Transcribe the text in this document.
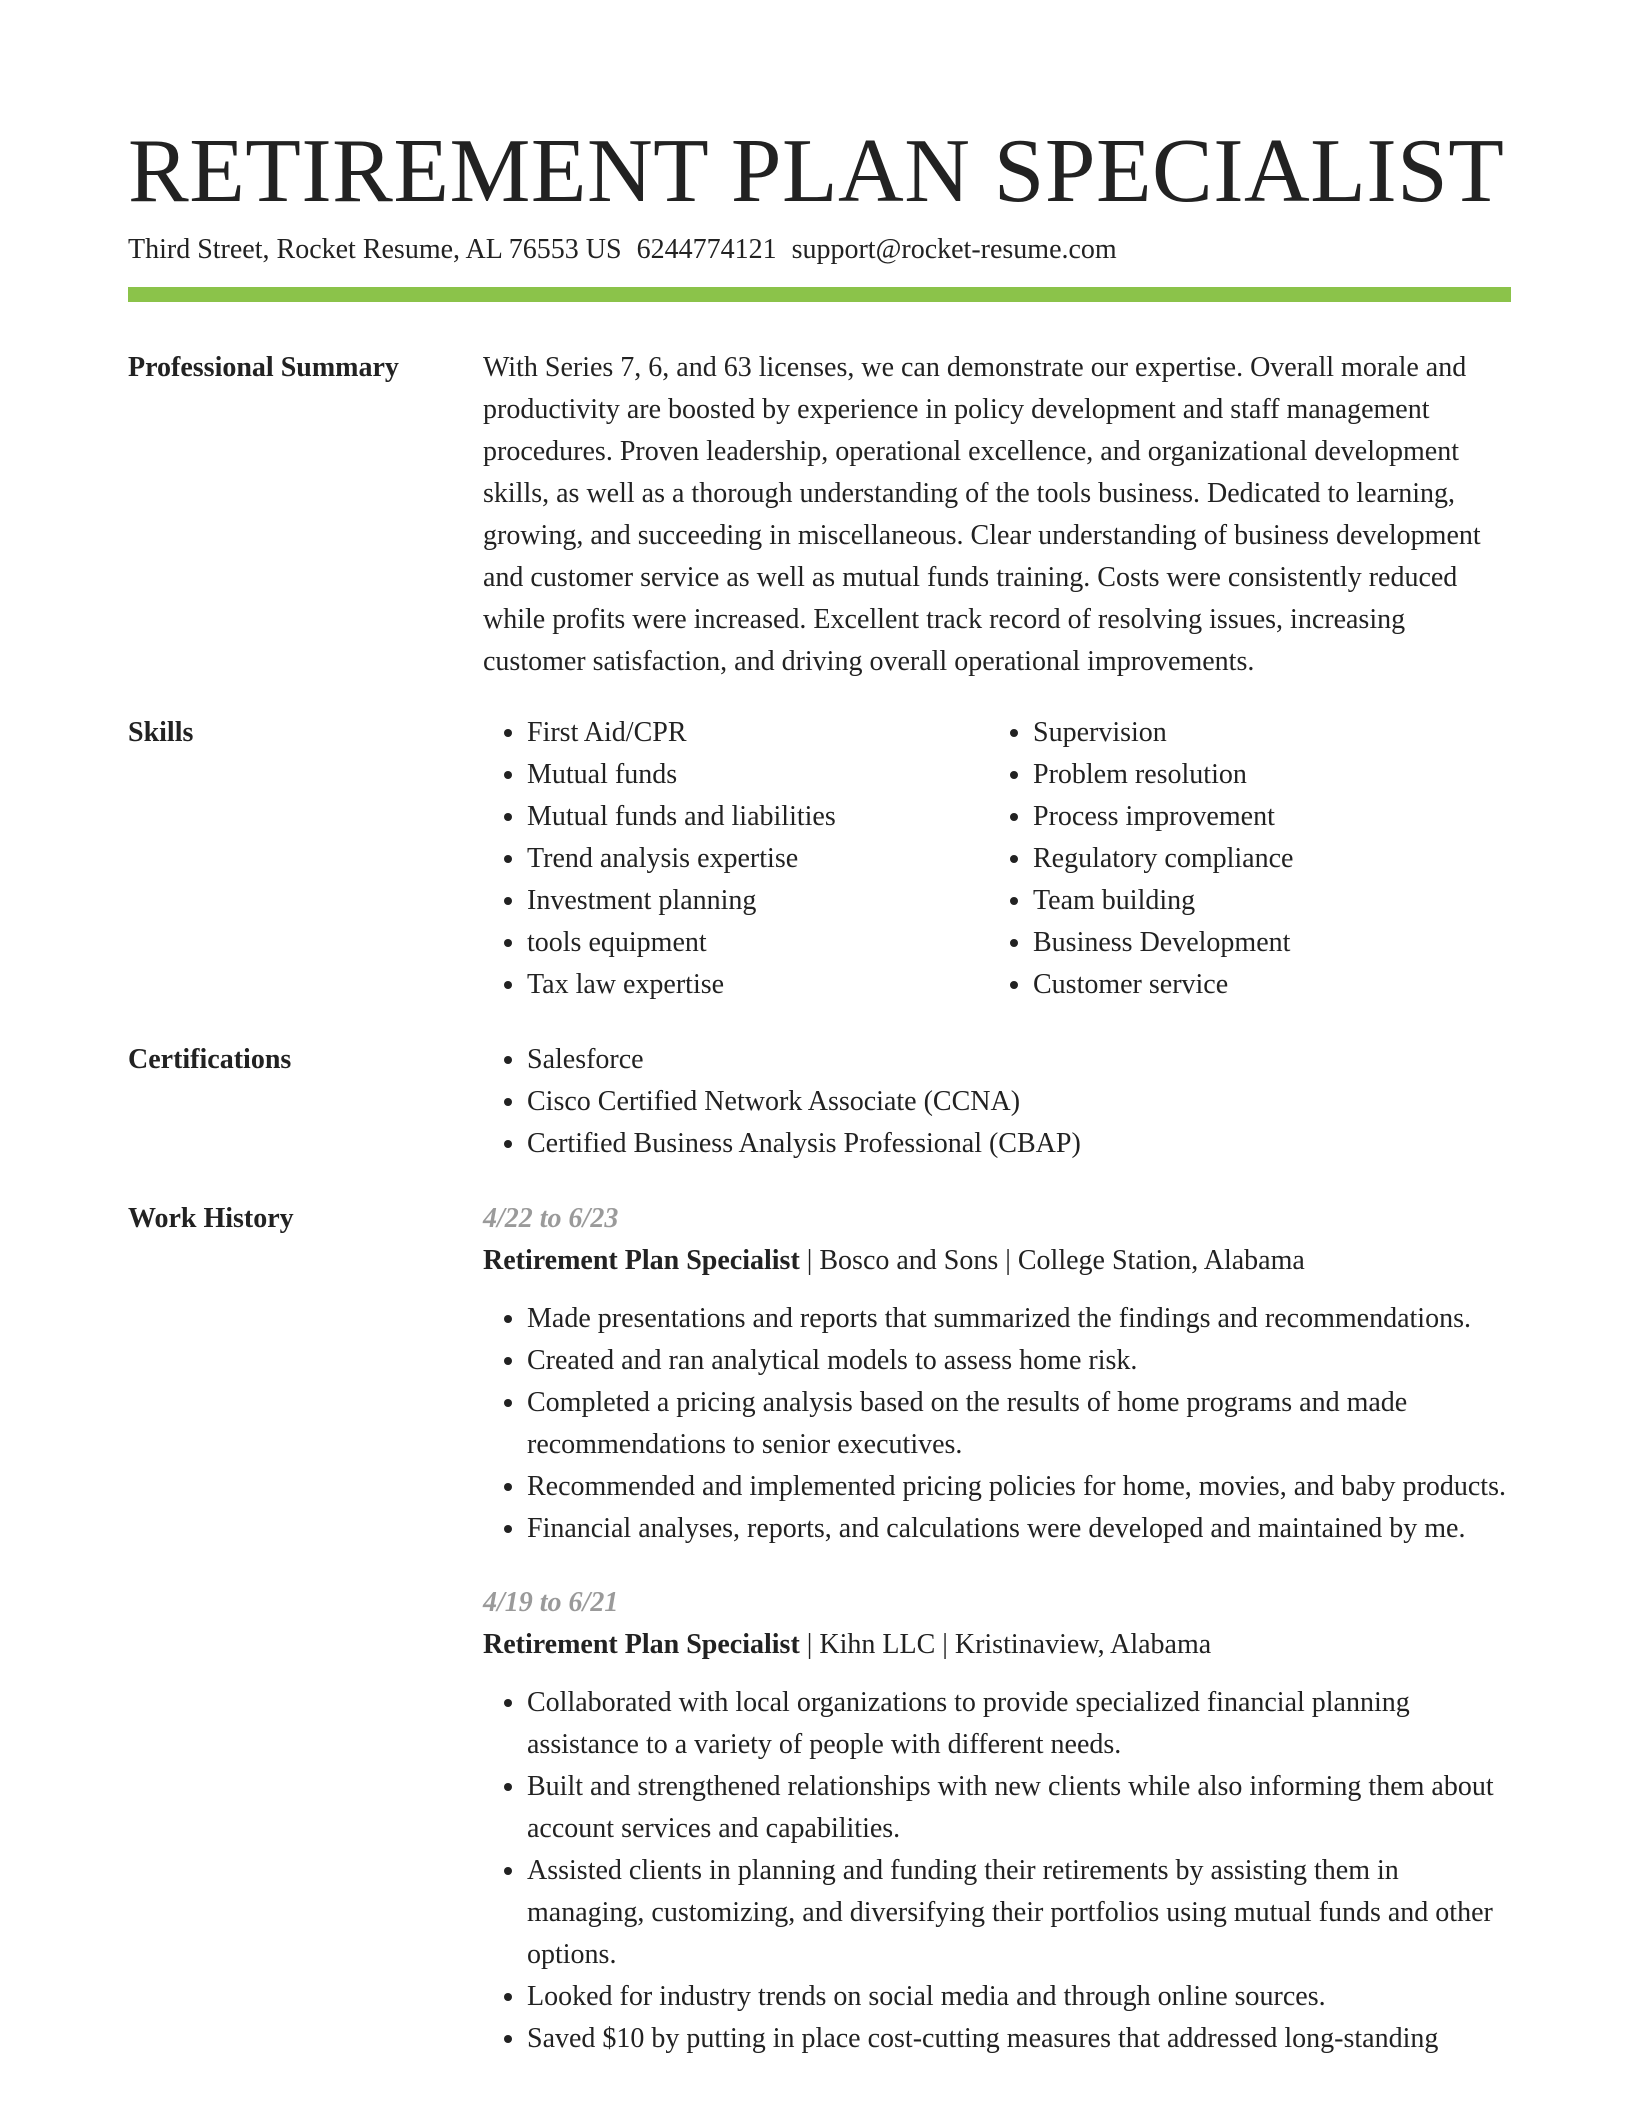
RETIREMENT PLAN SPECIALIST
Third Street, Rocket Resume, AL 76553 US 6244774121 support@rocket-resume.com
Professional Summary	With Series 7, 6, and 63 licenses, we can demonstrate our expertise. Overall morale and productivity are boosted by experience in policy development and staff management procedures. Proven leadership, operational excellence, and organizational development skills, as well as a thorough understanding of the tools business. Dedicated to learning, growing, and succeeding in miscellaneous. Clear understanding of business development and customer service as well as mutual funds training. Costs were consistently reduced while profits were increased. Excellent track record of resolving issues, increasing customer satisfaction, and driving overall operational improvements.

Skills	• First Aid/CPR
• Mutual funds
• Mutual funds and liabilities
• Trend analysis expertise
• Investment planning
• tools equipment
• Tax law expertise
• Supervision
• Problem resolution
• Process improvement
• Regulatory compliance
• Team building
• Business Development
• Customer service
Certifications	• Salesforce
• Cisco Certified Network Associate (CCNA)
• Certified Business Analysis Professional (CBAP)
Work History	4/22 to 6/23
Retirement Plan Specialist | Bosco and Sons | College Station, Alabama
• Made presentations and reports that summarized the findings and recommendations.
• Created and ran analytical models to assess home risk.
• Completed a pricing analysis based on the results of home programs and made recommendations to senior executives.
• Recommended and implemented pricing policies for home, movies, and baby products.
• Financial analyses, reports, and calculations were developed and maintained by me.
4/19 to 6/21
Retirement Plan Specialist | Kihn LLC | Kristinaview, Alabama
• Collaborated with local organizations to provide specialized financial planning assistance to a variety of people with different needs.
• Built and strengthened relationships with new clients while also informing them about account services and capabilities.
• Assisted clients in planning and funding their retirements by assisting them in managing, customizing, and diversifying their portfolios using mutual funds and other options.
• Looked for industry trends on social media and through online sources.
• Saved $10 by putting in place cost-cutting measures that addressed long-standing
